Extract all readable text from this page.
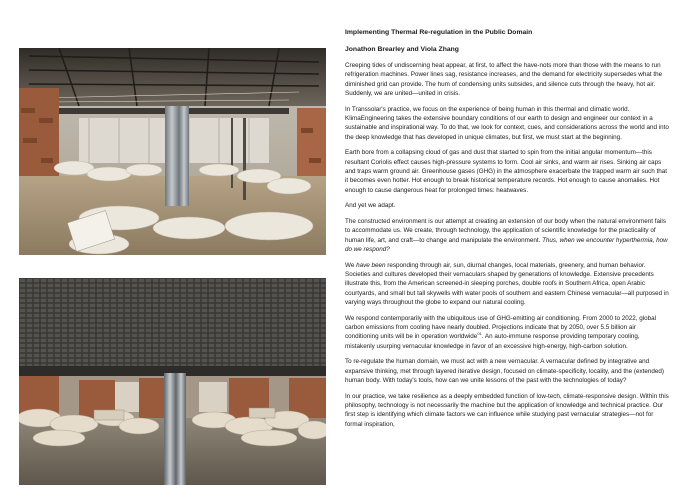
Implementing Thermal Re-regulation in the Public Domain
Jonathon Brearley and Viola Zhang

Creeping tides of undiscerning heat appear, at first, to affect the have-nots more than those with the means to run refrigeration machines. Power lines sag, resistance increases, and the demand for electricity supersedes what the diminished grid can provide. The hum of condensing units subsides, and silence cuts through the heavy, hot air. Suddenly, we are united—united in crisis.

In Transsolar's practice, we focus on the experience of being human in this thermal and climatic world. KlimaEngineering takes the extensive boundary conditions of our earth to design and engineer our context in a sustainable and inspirational way. To do that, we look for context, cues, and considerations across the world and into the deep knowledge that has developed in unique climates, but first, we must start at the beginning.

Earth bore from a collapsing cloud of gas and dust that started to spin from the initial angular momentum—this resultant Coriolis effect causes high-pressure systems to form. Cool air sinks, and warm air rises. Sinking air caps and traps warm ground air. Greenhouse gases (GHG) in the atmosphere exacerbate the trapped warm air such that it becomes even hotter. Hot enough to break historical temperature records. Hot enough to cause anomalies. Hot enough to cause dangerous heat for prolonged times: heatwaves.

And yet we adapt.

The constructed environment is our attempt at creating an extension of our body when the natural environment fails to accommodate us. We create, through technology, the application of scientific knowledge for the practicality of human life, art, and craft—to change and manipulate the environment. Thus, when we encounter hyperthermia, how do we respond?

We have been responding through air, sun, diurnal changes, local materials, greenery, and human behavior. Societies and cultures developed their vernaculars shaped by generations of knowledge. Extensive precedents illustrate this, from the American screened-in sleeping porches, double roofs in Southern Africa, open Arabic courtyards, and small but tall skywells with water pools of southern and eastern Chinese vernacular—all purposed in varying ways throughout the globe to expand our natural cooling.

We respond contemporarily with the ubiquitous use of GHG-emitting air conditioning. From 2000 to 2022, global carbon emissions from cooling have nearly doubled. Projections indicate that by 2050, over 5.5 billion air conditioning units will be in operation worldwide$^{01}$. An auto-immune response providing temporary cooling, mistakenly usurping vernacular knowledge in favor of an excessive high-energy, high-carbon solution.

To re-regulate the human domain, we must act with a new vernacular. A vernacular defined by integrative and expansive thinking, met through layered iterative design, focused on climate-specificity, locality, and the (extended) human body. With today's tools, how can we unite lessons of the past with the technologies of today?

In our practice, we take resilience as a deeply embedded function of low-tech, climate-responsive design. Within this philosophy, technology is not necessarily the machine but the application of knowledge and technical practice. Our first step is identifying which climate factors we can influence while studying past vernacular strategies—not for formal inspiration,
